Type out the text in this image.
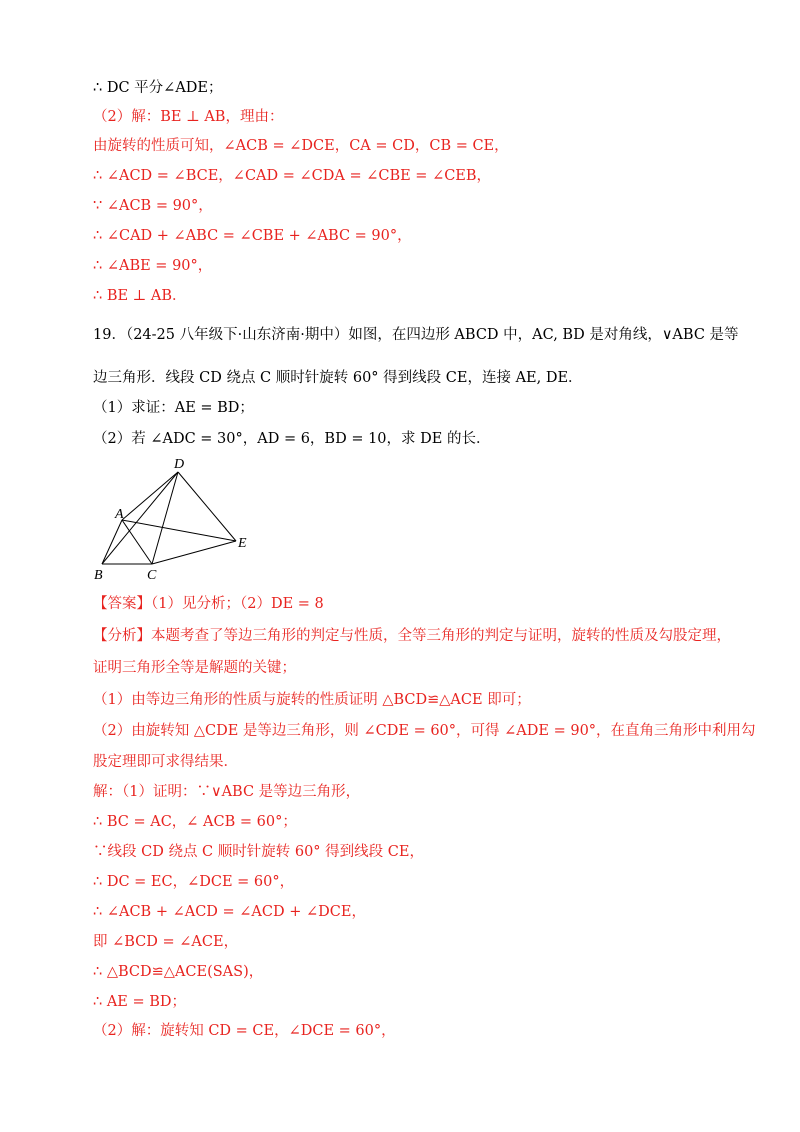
∴ DC 平分∠ADE；
（2）解：BE ⊥ AB，理由：
由旋转的性质可知，∠ACB = ∠DCE，CA = CD，CB = CE，
∴ ∠ACD = ∠BCE，∠CAD = ∠CDA = ∠CBE = ∠CEB，
∵ ∠ACB = 90°，
∴ ∠CAD + ∠ABC = ∠CBE + ∠ABC = 90°，
∴ ∠ABE = 90°，
∴ BE ⊥ AB．
19．（24-25 八年级下·山东济南·期中）如图，在四边形 ABCD 中，AC, BD 是对角线，∨ABC 是等
边三角形．线段 CD 绕点 C 顺时针旋转 60° 得到线段 CE，连接 AE, DE．
（1）求证：AE = BD；
（2）若 ∠ADC = 30°，AD = 6，BD = 10，求 DE 的长．
D
A
B	C
E
【答案】（1）见分析；（2）DE = 8
【分析】本题考查了等边三角形的判定与性质，全等三角形的判定与证明，旋转的性质及勾股定理，
证明三角形全等是解题的关键；
（1）由等边三角形的性质与旋转的性质证明 △BCD≌△ACE 即可；
（2）由旋转知 △CDE 是等边三角形，则 ∠CDE = 60°，可得 ∠ADE = 90°，在直角三角形中利用勾
股定理即可求得结果．
解：（1）证明：∵∨ABC 是等边三角形，
∴ BC = AC，∠ ACB = 60°；
∵线段 CD 绕点 C 顺时针旋转 60° 得到线段 CE，
∴ DC = EC，∠DCE = 60°，
∴ ∠ACB + ∠ACD = ∠ACD + ∠DCE，
即 ∠BCD = ∠ACE，
∴ △BCD≌△ACE(SAS)，
∴ AE = BD；
（2）解：旋转知 CD = CE，∠DCE = 60°，
